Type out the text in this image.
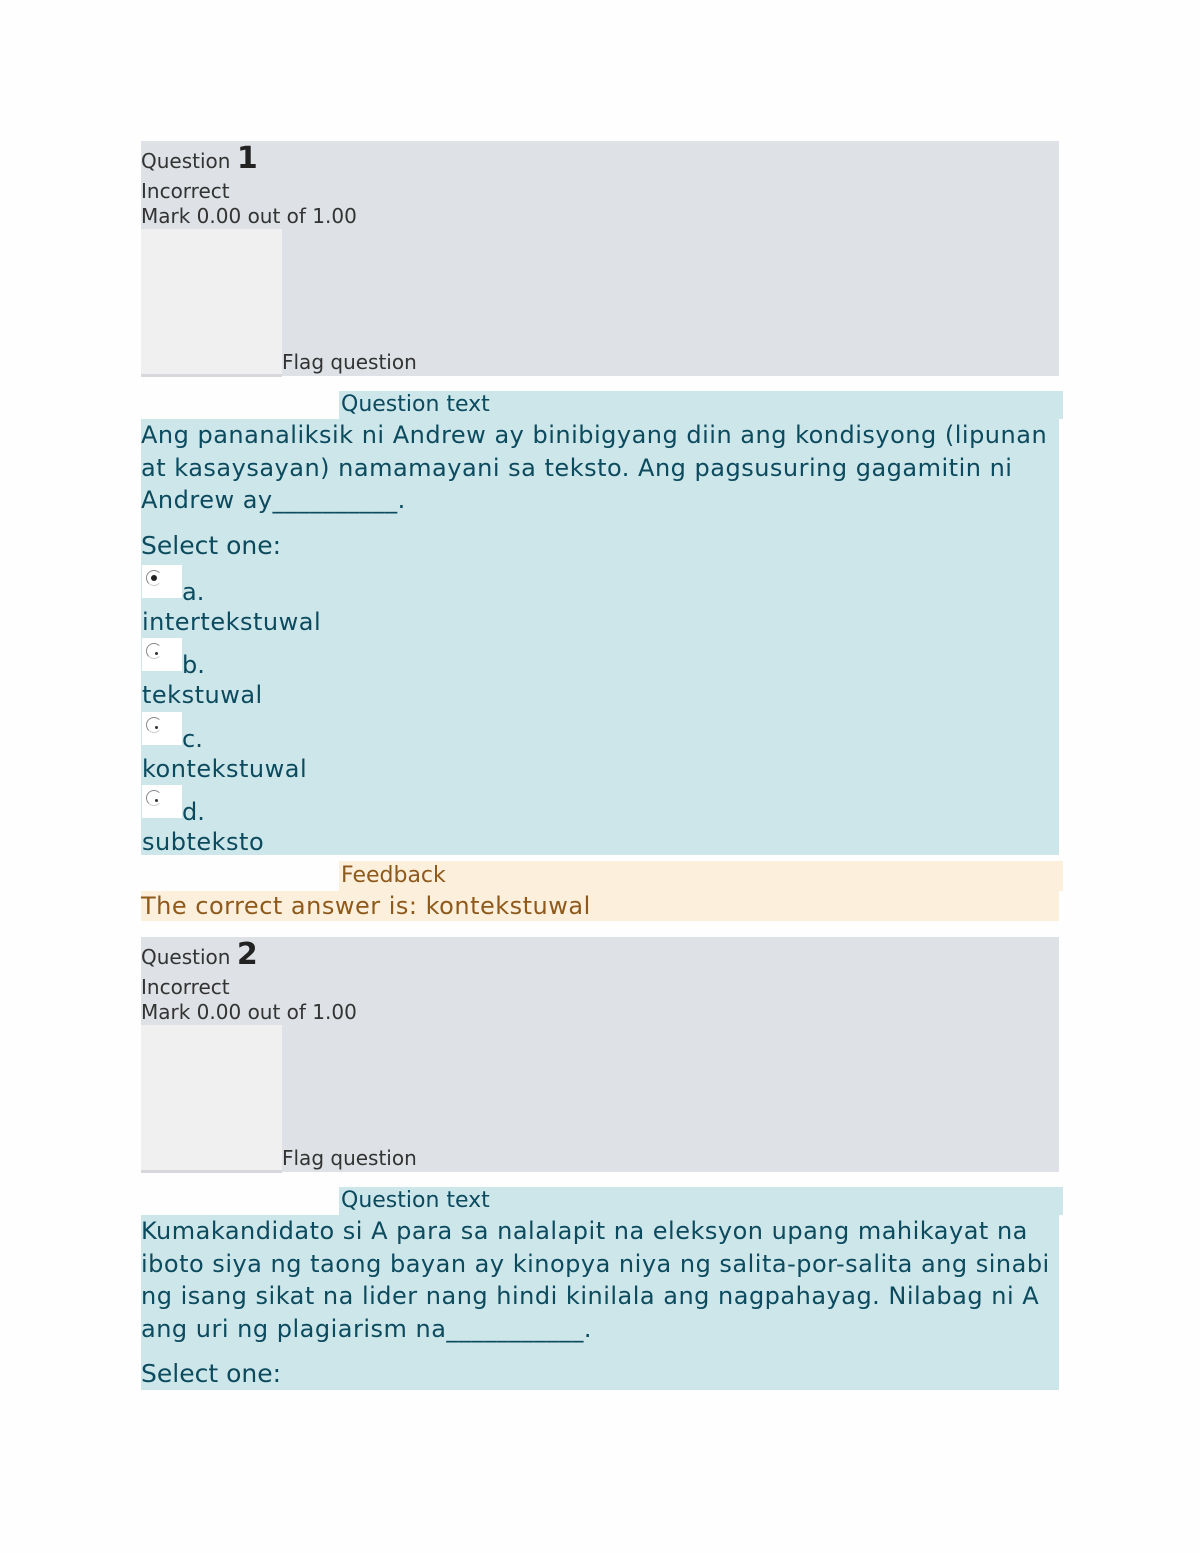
Question 1
Incorrect
Mark 0.00 out of 1.00
Flag question
Question text
Ang pananaliksik ni Andrew ay binibigyang diin ang kondisyong (lipunan at kasaysayan) namamayani sa teksto. Ang pagsusuring gagamitin ni Andrew ay__________.
Select one:
a.
intertekstuwal
b.
tekstuwal
c.
kontekstuwal
d.
subteksto
Feedback
The correct answer is: kontekstuwal
Question 2
Incorrect
Mark 0.00 out of 1.00
Flag question
Question text
Kumakandidato si A para sa nalalapit na eleksyon upang mahikayat na iboto siya ng taong bayan ay kinopya niya ng salita-por-salita ang sinabi ng isang sikat na lider nang hindi kinilala ang nagpahayag. Nilabag ni A ang uri ng plagiarism na___________.
Select one:
